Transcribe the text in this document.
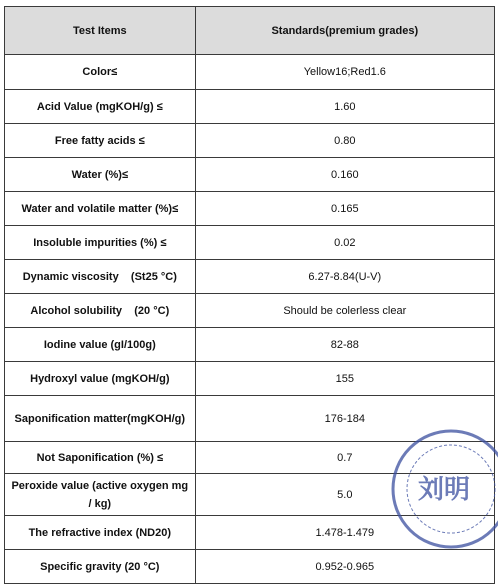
Test Items	Standards(premium grades)
Color≤	Yellow16;Red1.6
Acid Value (mgKOH/g) ≤	1.60
Free fatty acids ≤	0.80
Water (%)≤	0.160
Water and volatile matter (%)≤	0.165
Insoluble impurities (%) ≤	0.02
Dynamic viscosity    (St25 °C)	6.27-8.84(U-V)
Alcohol solubility    (20 °C)	Should be colerless clear
Iodine value (gI/100g)	82-88
Hydroxyl value (mgKOH/g)	155
Saponification matter(mgKOH/g)	176-184
Not Saponification (%) ≤	0.7
Peroxide value (active oxygen mg / kg)	5.0
The refractive index (ND20)	1.478-1.479
Specific gravity (20 °C)	0.952-0.965
刘明
